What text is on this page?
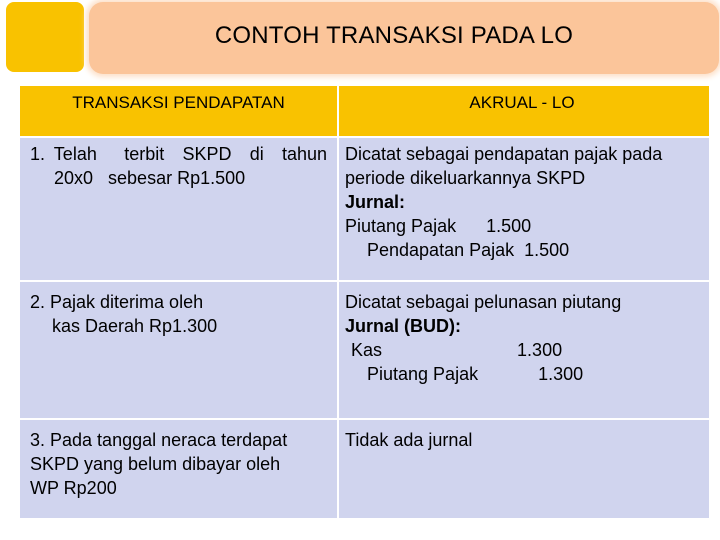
CONTOH TRANSAKSI PADA LO
TRANSAKSI PENDAPATAN	AKRUAL - LO
1. Telah   terbit  SKPD  di  tahun
20x0   sebesar Rp1.500
Dicatat sebagai pendapatan pajak pada
periode dikeluarkannya SKPD
Jurnal:
Piutang Pajak      1.500
Pendapatan Pajak  1.500
2. Pajak diterima oleh
kas Daerah Rp1.300
Dicatat sebagai pelunasan piutang
Jurnal (BUD):
Kas                           1.300
Piutang Pajak            1.300
3. Pada tanggal neraca terdapat
SKPD yang belum dibayar oleh
WP Rp200
Tidak ada jurnal
